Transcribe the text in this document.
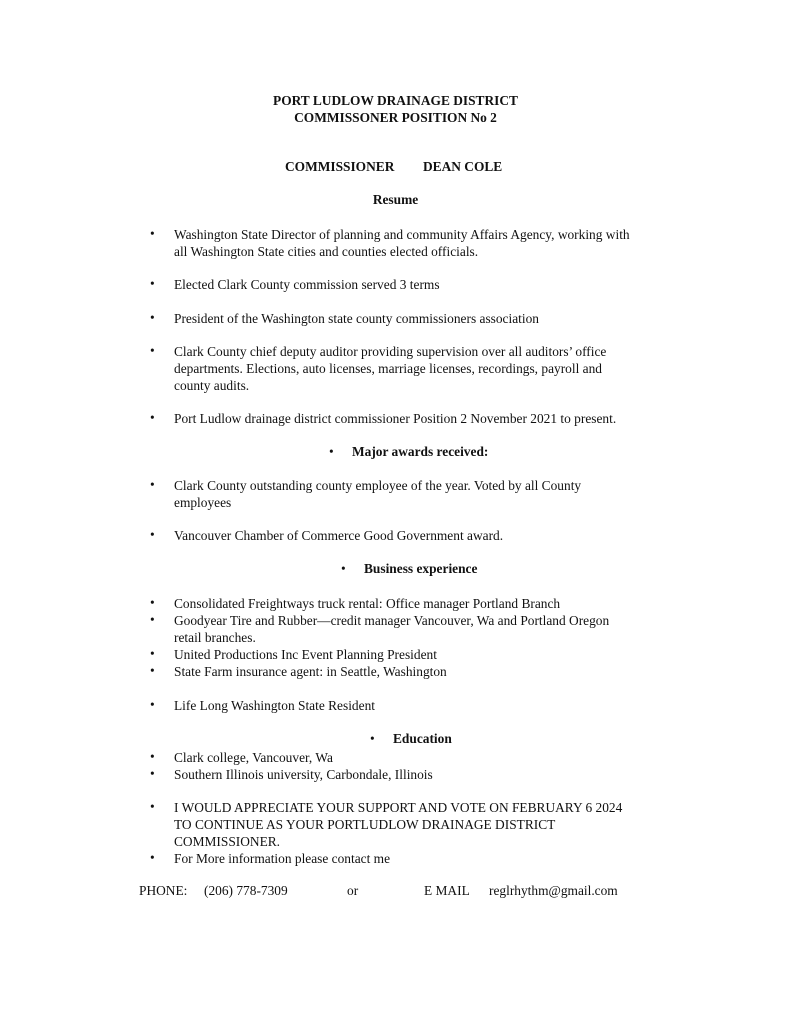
PORT LUDLOW DRAINAGE DISTRICT
COMMISSONER POSITION No 2
COMMISSIONER DEAN COLE
Resume
• Washington State Director of planning and community Affairs Agency, working with
all Washington State cities and counties elected officials.
• Elected Clark County commission served 3 terms
• President of the Washington state county commissioners association
• Clark County chief deputy auditor providing supervision over all auditors’ office
departments. Elections, auto licenses, marriage licenses, recordings, payroll and
county audits.
• Port Ludlow drainage district commissioner Position 2 November 2021 to present.
• Major awards received:
• Clark County outstanding county employee of the year. Voted by all County
employees
• Vancouver Chamber of Commerce Good Government award.
• Business experience
• Consolidated Freightways truck rental: Office manager Portland Branch
• Goodyear Tire and Rubber—credit manager Vancouver, Wa and Portland Oregon
retail branches.
• United Productions Inc Event Planning President
• State Farm insurance agent: in Seattle, Washington
• Life Long Washington State Resident
• Education
• Clark college, Vancouver, Wa
• Southern Illinois university, Carbondale, Illinois
• I WOULD APPRECIATE YOUR SUPPORT AND VOTE ON FEBRUARY 6 2024
TO CONTINUE AS YOUR PORTLUDLOW DRAINAGE DISTRICT
COMMISSIONER.
• For More information please contact me
PHONE: (206) 778-7309	or	E MAIL reglrhythm@gmail.com
